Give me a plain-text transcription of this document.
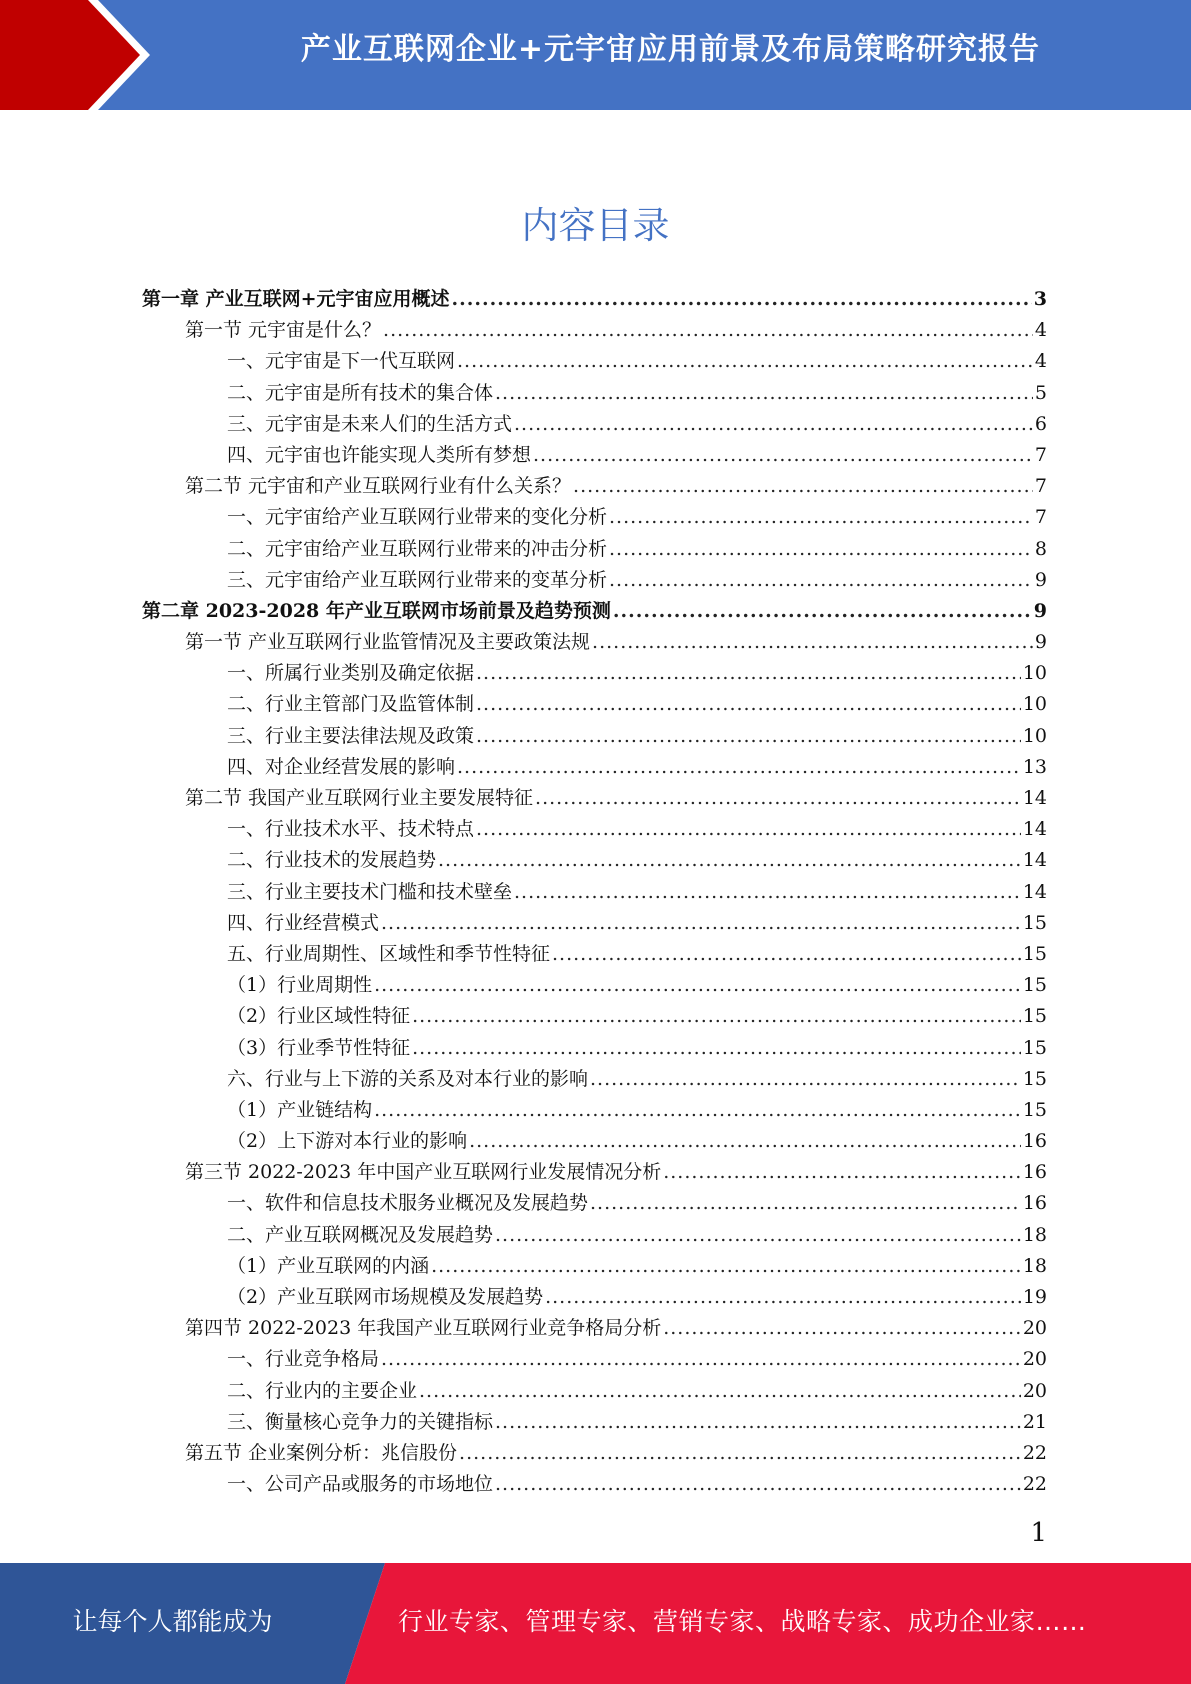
产业互联网企业+元宇宙应用前景及布局策略研究报告
内容目录
第一章 产业互联网+元宇宙应用概述 .....	3
第一节 元宇宙是什么？ .....	4
一、元宇宙是下一代互联网 .....	4
二、元宇宙是所有技术的集合体 .....	5
三、元宇宙是未来人们的生活方式 .....	6
四、元宇宙也许能实现人类所有梦想 .....	7
第二节 元宇宙和产业互联网行业有什么关系？ .....	7
一、元宇宙给产业互联网行业带来的变化分析 .....	7
二、元宇宙给产业互联网行业带来的冲击分析 .....	8
三、元宇宙给产业互联网行业带来的变革分析 .....	9
第二章 2023-2028 年产业互联网市场前景及趋势预测 .....	9
第一节 产业互联网行业监管情况及主要政策法规 .....	9
一、所属行业类别及确定依据 .....	10
二、行业主管部门及监管体制 .....	10
三、行业主要法律法规及政策 .....	10
四、对企业经营发展的影响 .....	13
第二节 我国产业互联网行业主要发展特征 .....	14
一、行业技术水平、技术特点 .....	14
二、行业技术的发展趋势 .....	14
三、行业主要技术门槛和技术壁垒 .....	14
四、行业经营模式 .....	15
五、行业周期性、区域性和季节性特征 .....	15
（1）行业周期性 .....	15
（2）行业区域性特征 .....	15
（3）行业季节性特征 .....	15
六、行业与上下游的关系及对本行业的影响 .....	15
（1）产业链结构 .....	15
（2）上下游对本行业的影响 .....	16
第三节 2022-2023 年中国产业互联网行业发展情况分析 .....	16
一、软件和信息技术服务业概况及发展趋势 .....	16
二、产业互联网概况及发展趋势 .....	18
（1）产业互联网的内涵 .....	18
（2）产业互联网市场规模及发展趋势 .....	19
第四节 2022-2023 年我国产业互联网行业竞争格局分析 .....	20
一、行业竞争格局 .....	20
二、行业内的主要企业 .....	20
三、衡量核心竞争力的关键指标 .....	21
第五节 企业案例分析：兆信股份 .....	22
一、公司产品或服务的市场地位 .....	22
1
让每个人都能成为	行业专家、管理专家、营销专家、战略专家、成功企业家……
